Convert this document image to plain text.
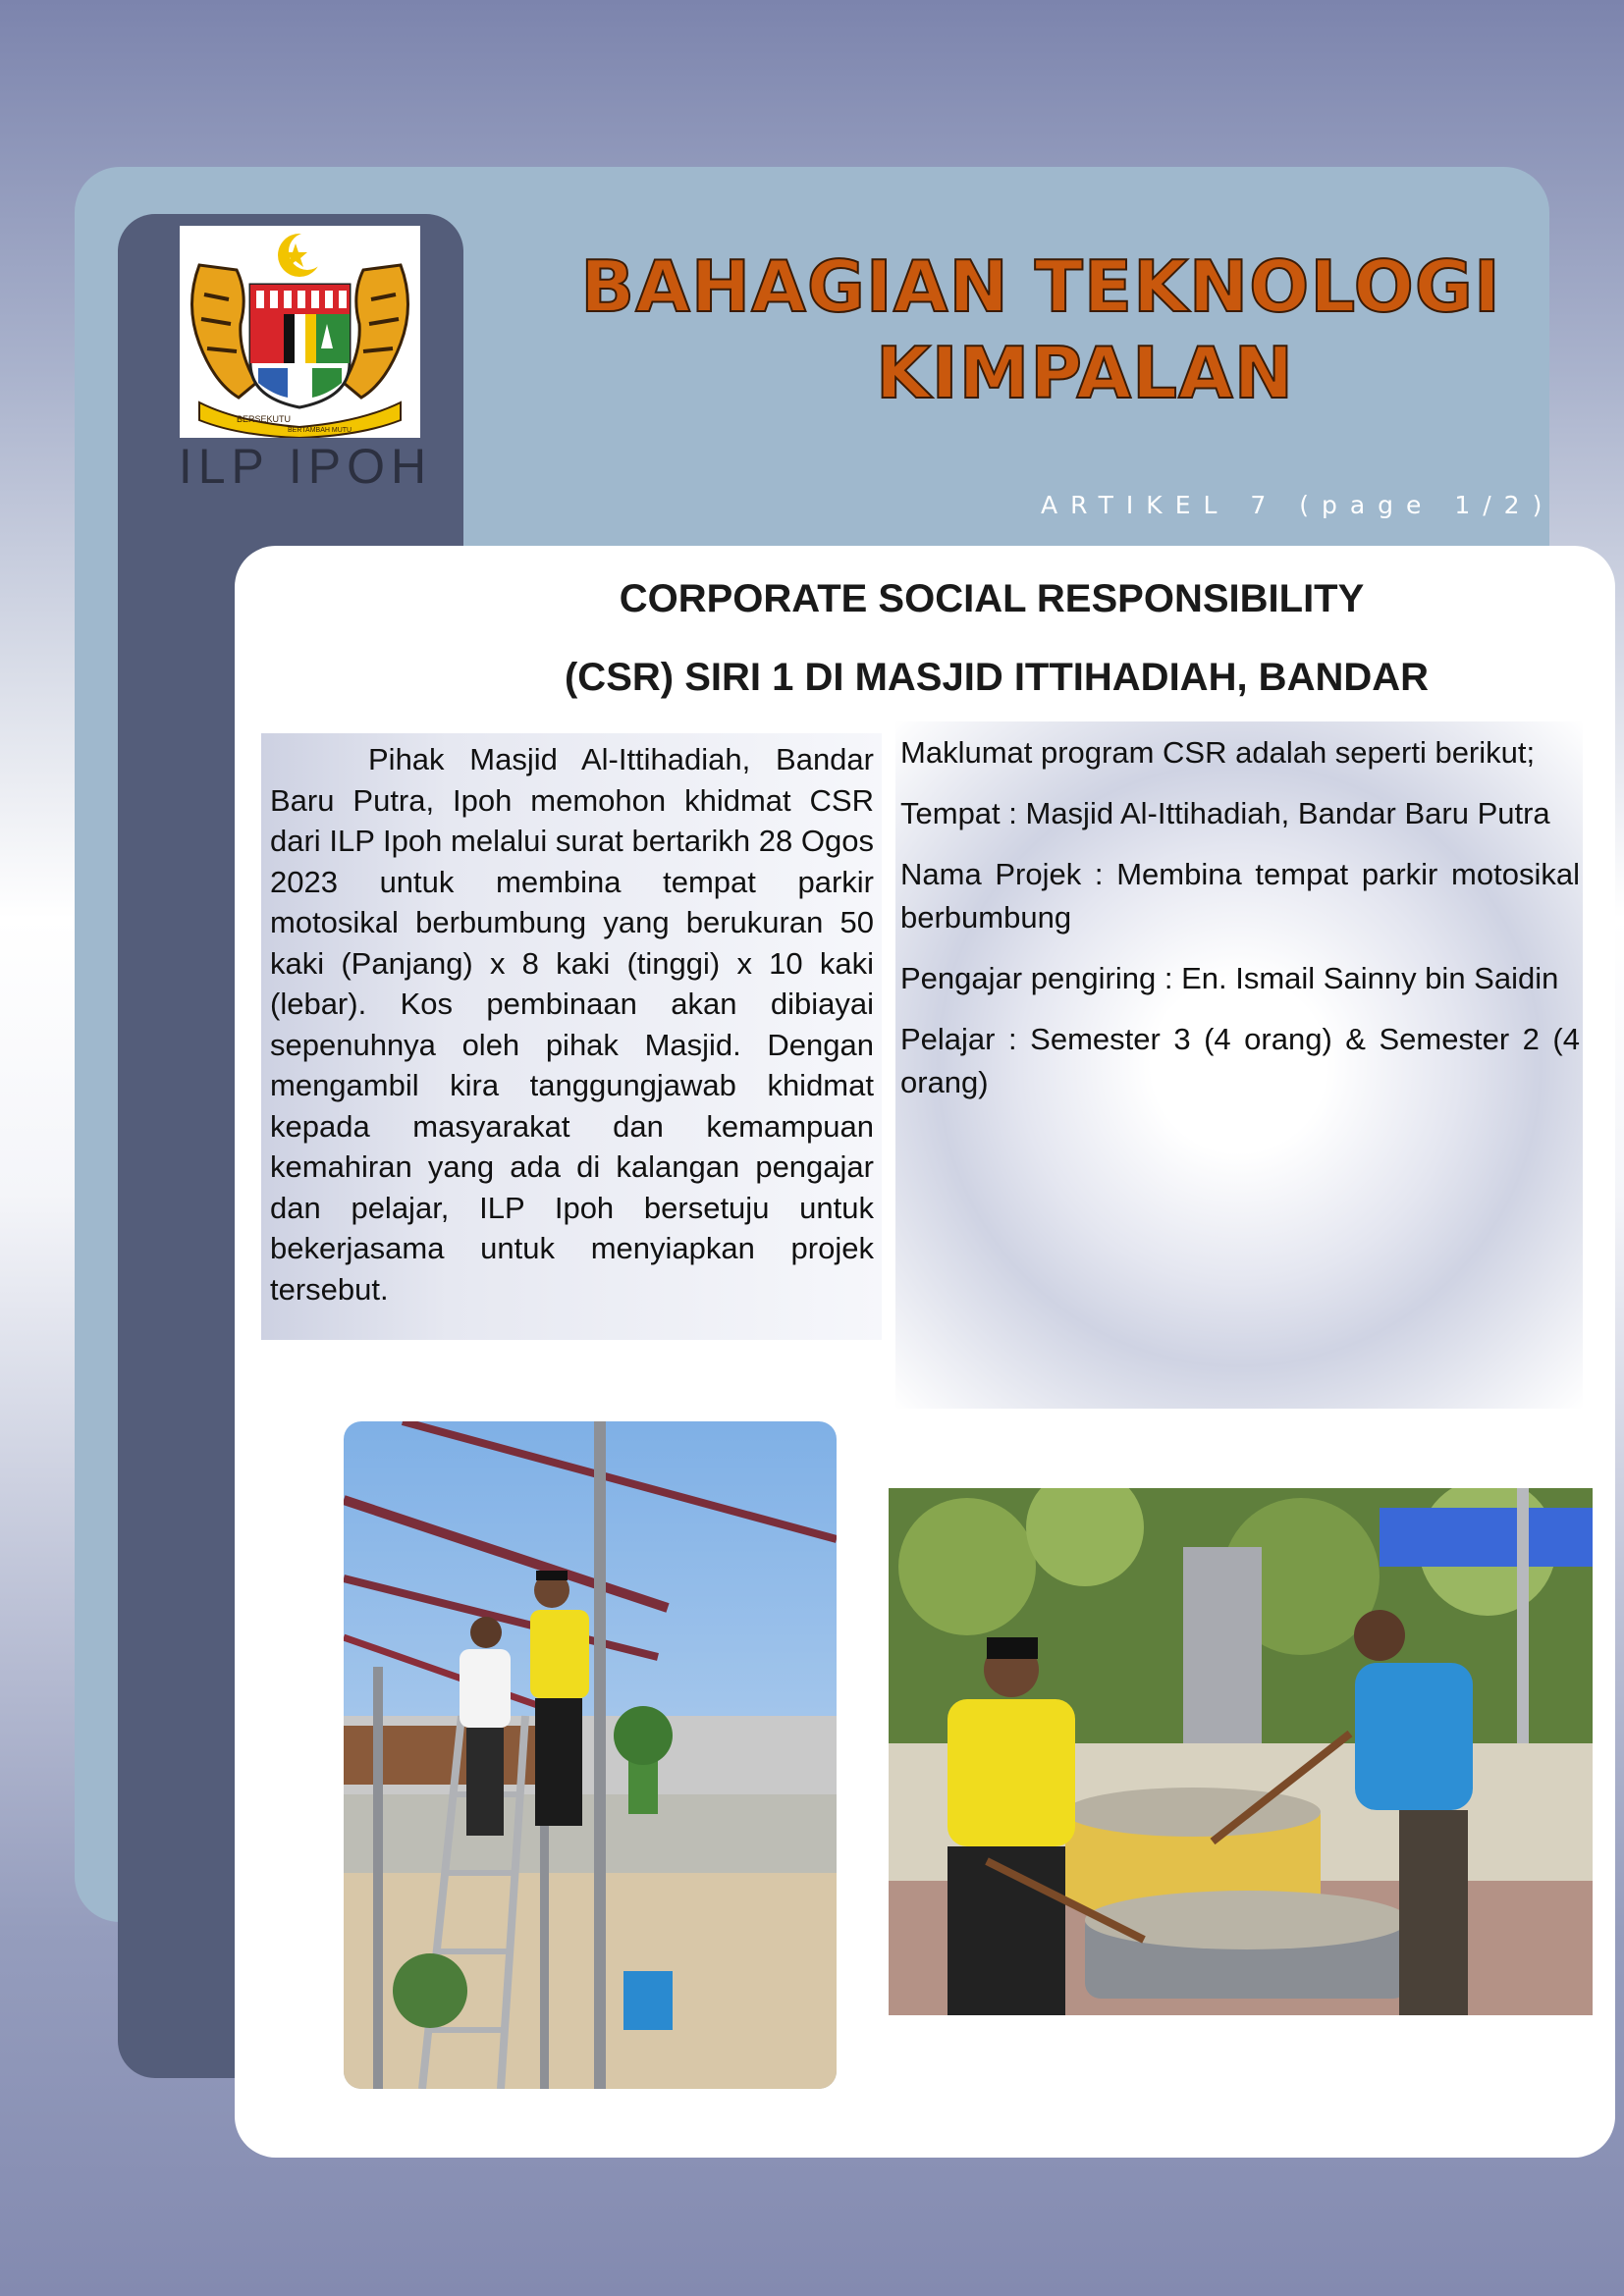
BERSEKUTU
BERTAMBAH MUTU
ILP IPOH
BAHAGIAN TEKNOLOGI
KIMPALAN
ARTIKEL 7 (page 1/2)
CORPORATE SOCIAL RESPONSIBILITY
(CSR) SIRI 1 DI MASJID ITTIHADIAH, BANDAR

Pihak Masjid Al-Ittihadiah, Bandar Baru Putra, Ipoh memohon khidmat CSR dari ILP Ipoh melalui surat bertarikh 28 Ogos 2023 untuk membina tempat parkir motosikal berbumbung yang berukuran 50 kaki (Panjang) x 8 kaki (tinggi) x 10 kaki (lebar). Kos pembinaan akan dibiayai sepenuhnya oleh pihak Masjid. Dengan mengambil kira tanggungjawab khidmat kepada masyarakat dan kemampuan kemahiran yang ada di kalangan pengajar dan pelajar, ILP Ipoh bersetuju untuk bekerjasama untuk menyiapkan projek tersebut.

Maklumat program CSR adalah seperti berikut;

Tempat : Masjid Al-Ittihadiah, Bandar Baru Putra

Nama Projek : Membina tempat parkir motosikal berbumbung

Pengajar pengiring : En. Ismail Sainny bin Saidin

Pelajar : Semester 3 (4 orang) & Semester 2 (4 orang)
